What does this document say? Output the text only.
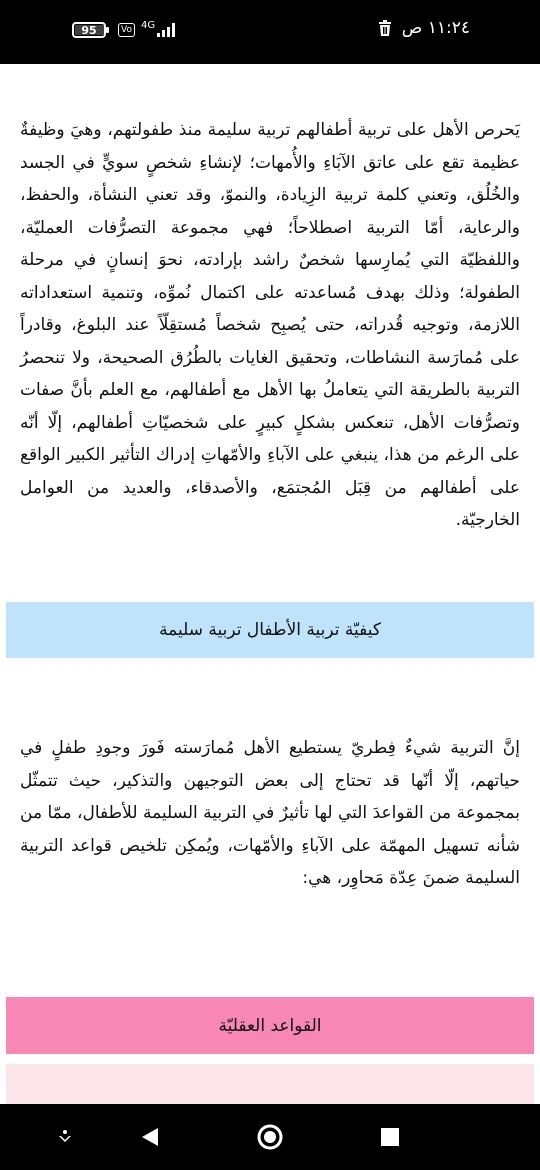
95	Vo 4G	١١:٢٤ ص

يَحرص الأهل على تربية أطفالهم تربية سليمة منذ طفولتهم، وهيَ وظيفةٌ عظيمة تقع على عاتق الآبَاءِ والأُمهات؛ لإنشاءِ شخصٍ سويٍّ في الجسد والخُلُق، وتعني كلمة تربية الزِيادة، والنموّ، وقد تعني النشأة، والحفظ، والرعاية، أمّا التربية اصطلاحاً؛ فهي مجموعة التصرُّفات العمليّة، واللفظيّة التي يُمارِسها شخصٌ راشد بإرادته، نحوَ إنسانٍ في مرحلة الطفولة؛ وذلك بهدف مُساعدته على اكتمال نُموِّه، وتنمية استعداداته اللازمة، وتوجيه قُدراته، حتى يُصبِح شخصاً مُستقِلّاً عند البلوغ، وقادراً على مُمارَسة النشاطات، وتحقيق الغايات بالطُرُق الصحيحة، ولا تنحصرُ التربية بالطريقة التي يتعاملُ بها الأهل مع أطفالهم، مع العلم بأنَّ صفات وتصرُّفات الأهل، تنعكس بشكلٍ كبيرٍ على شخصيّاتِ أطفالهم، إلّا أنّه على الرغم من هذا، ينبغي على الآباءِ والأمّهاتِ إدراك التأثير الكبير الواقع على أطفالهم من قِبَل المُجتمَع، والأصدقاء، والعديد من العوامل الخارجيّة.

كيفيّة تربية الأطفال تربية سليمة

إنَّ التربية شيءٌ فِطريّ يستطيع الأهل مُمارَسته فَورَ وجودِ طفلٍ في حياتهم، إلّا أنّها قد تحتاج إلى بعض التوجيهن والتذكير، حيث تتمثّل بمجموعة من القواعدَ التي لها تأثيرٌ في التربية السليمة للأطفال، ممّا من شأنه تسهيل المهمّة على الآباءِ والأمّهات، ويُمكِن تلخيص قواعد التربية السليمة ضمنَ عِدّة مَحاوِر، هي:

القواعد العقليّة
